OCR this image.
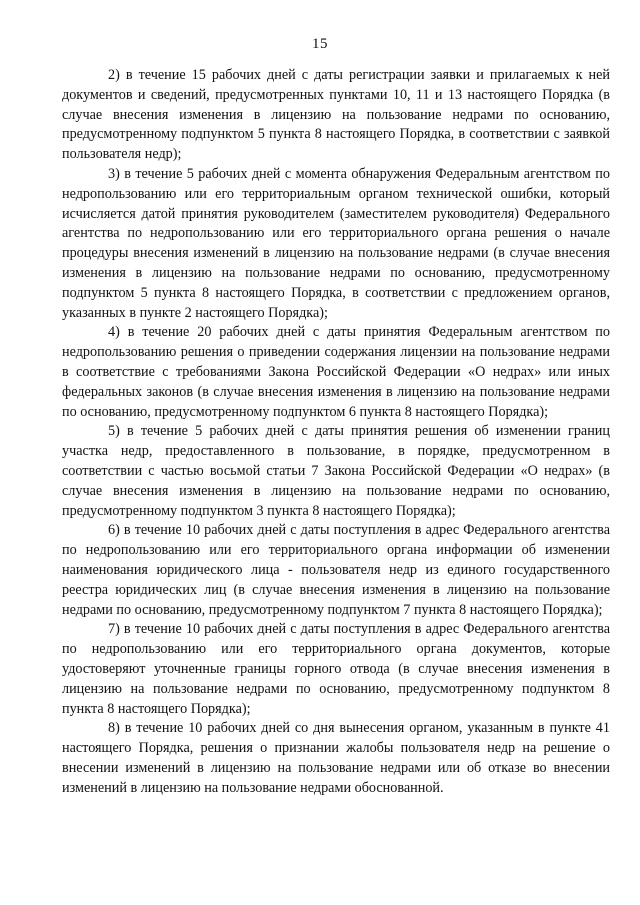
15

2) в течение 15 рабочих дней с даты регистрации заявки и прилагаемых к ней документов и сведений, предусмотренных пунктами 10, 11 и 13 настоящего Порядка (в случае внесения изменения в лицензию на пользование недрами по основанию, предусмотренному подпунктом 5 пункта 8 настоящего Порядка, в соответствии с заявкой пользователя недр);

3) в течение 5 рабочих дней с момента обнаружения Федеральным агентством по недропользованию или его территориальным органом технической ошибки, который исчисляется датой принятия руководителем (заместителем руководителя) Федерального агентства по недропользованию или его территориального органа решения о начале процедуры внесения изменений в лицензию на пользование недрами (в случае внесения изменения в лицензию на пользование недрами по основанию, предусмотренному подпунктом 5 пункта 8 настоящего Порядка, в соответствии с предложением органов, указанных в пункте 2 настоящего Порядка);

4) в течение 20 рабочих дней с даты принятия Федеральным агентством по недропользованию решения о приведении содержания лицензии на пользование недрами в соответствие с требованиями Закона Российской Федерации «О недрах» или иных федеральных законов (в случае внесения изменения в лицензию на пользование недрами по основанию, предусмотренному подпунктом 6 пункта 8 настоящего Порядка);

5) в течение 5 рабочих дней с даты принятия решения об изменении границ участка недр, предоставленного в пользование, в порядке, предусмотренном в соответствии с частью восьмой статьи 7 Закона Российской Федерации «О недрах» (в случае внесения изменения в лицензию на пользование недрами по основанию, предусмотренному подпунктом 3 пункта 8 настоящего Порядка);

6) в течение 10 рабочих дней с даты поступления в адрес Федерального агентства по недропользованию или его территориального органа информации об изменении наименования юридического лица - пользователя недр из единого государственного реестра юридических лиц (в случае внесения изменения в лицензию на пользование недрами по основанию, предусмотренному подпунктом 7 пункта 8 настоящего Порядка);

7) в течение 10 рабочих дней с даты поступления в адрес Федерального агентства по недропользованию или его территориального органа документов, которые удостоверяют уточненные границы горного отвода (в случае внесения изменения в лицензию на пользование недрами по основанию, предусмотренному подпунктом 8 пункта 8 настоящего Порядка);

8) в течение 10 рабочих дней со дня вынесения органом, указанным в пункте 41 настоящего Порядка, решения о признании жалобы пользователя недр на решение о внесении изменений в лицензию на пользование недрами или об отказе во внесении изменений в лицензию на пользование недрами обоснованной.
